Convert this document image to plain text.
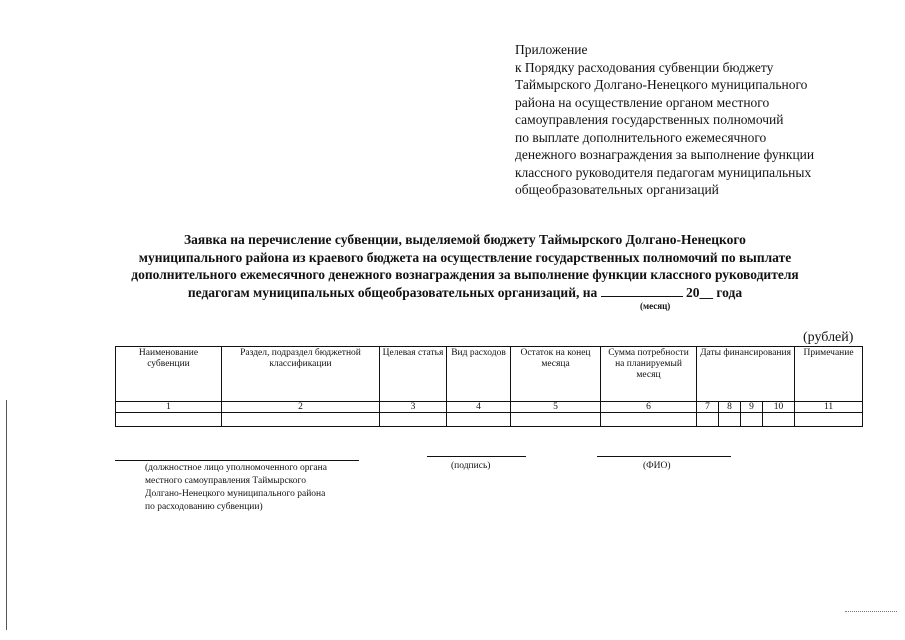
Приложение
к Порядку расходования субвенции бюджету
Таймырского Долгано-Ненецкого муниципального
района на осуществление органом местного
самоуправления государственных полномочий
по выплате дополнительного ежемесячного
денежного вознаграждения за выполнение функции
классного руководителя педагогам муниципальных
общеобразовательных организаций
Заявка на перечисление субвенции, выделяемой бюджету Таймырского Долгано-Ненецкого
муниципального района из краевого бюджета на осуществление государственных полномочий по выплате
дополнительного ежемесячного денежного вознаграждения за выполнение функции классного руководителя
педагогам муниципальных общеобразовательных организаций, на	20__ года
(месяц)
(рублей)
Наименование субвенции	Раздел, подраздел бюджетной классификации	Целевая статья	Вид расходов	Остаток на конец месяца	Сумма потребности на планируемый месяц	Даты финансирования				Примечание
1	2	3	4	5	6	7	8	9	10	11

(должностное лицо уполномоченного органа
местного самоуправления Таймырского
Долгано-Ненецкого муниципального района
по расходованию субвенции)
(подпись)	(ФИО)
